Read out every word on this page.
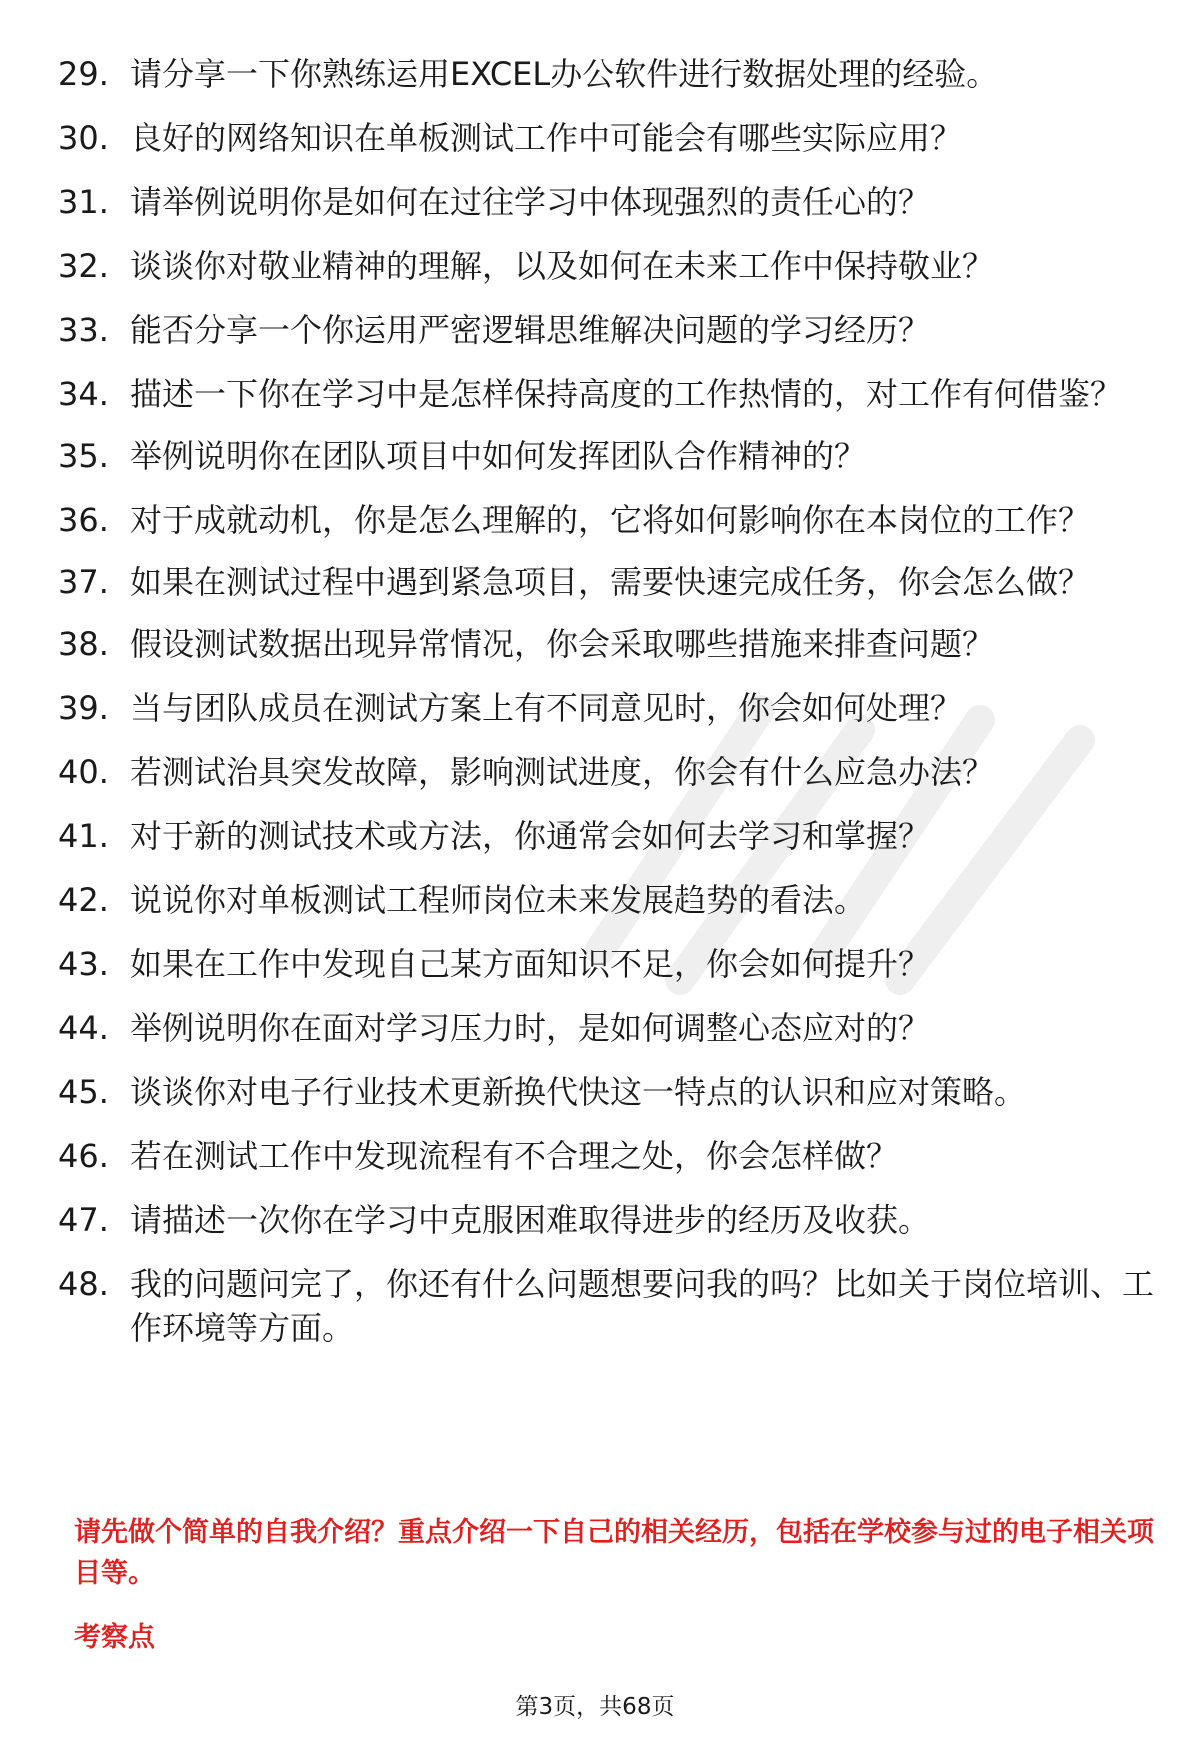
29. 请分享一下你熟练运用EXCEL办公软件进行数据处理的经验。
30. 良好的网络知识在单板测试工作中可能会有哪些实际应用？
31. 请举例说明你是如何在过往学习中体现强烈的责任心的？
32. 谈谈你对敬业精神的理解，以及如何在未来工作中保持敬业？
33. 能否分享一个你运用严密逻辑思维解决问题的学习经历？
34. 描述一下你在学习中是怎样保持高度的工作热情的，对工作有何借鉴？
35. 举例说明你在团队项目中如何发挥团队合作精神的？
36. 对于成就动机，你是怎么理解的，它将如何影响你在本岗位的工作？
37. 如果在测试过程中遇到紧急项目，需要快速完成任务，你会怎么做？
38. 假设测试数据出现异常情况，你会采取哪些措施来排查问题？
39. 当与团队成员在测试方案上有不同意见时，你会如何处理？
40. 若测试治具突发故障，影响测试进度，你会有什么应急办法？
41. 对于新的测试技术或方法，你通常会如何去学习和掌握？
42. 说说你对单板测试工程师岗位未来发展趋势的看法。
43. 如果在工作中发现自己某方面知识不足，你会如何提升？
44. 举例说明你在面对学习压力时，是如何调整心态应对的？
45. 谈谈你对电子行业技术更新换代快这一特点的认识和应对策略。
46. 若在测试工作中发现流程有不合理之处，你会怎样做？
47. 请描述一次你在学习中克服困难取得进步的经历及收获。
48. 我的问题问完了，你还有什么问题想要问我的吗？比如关于岗位培训、工作环境等方面。

请先做个简单的自我介绍？重点介绍一下自己的相关经历，包括在学校参与过的电子相关项目等。

考察点

第3页，共68页
